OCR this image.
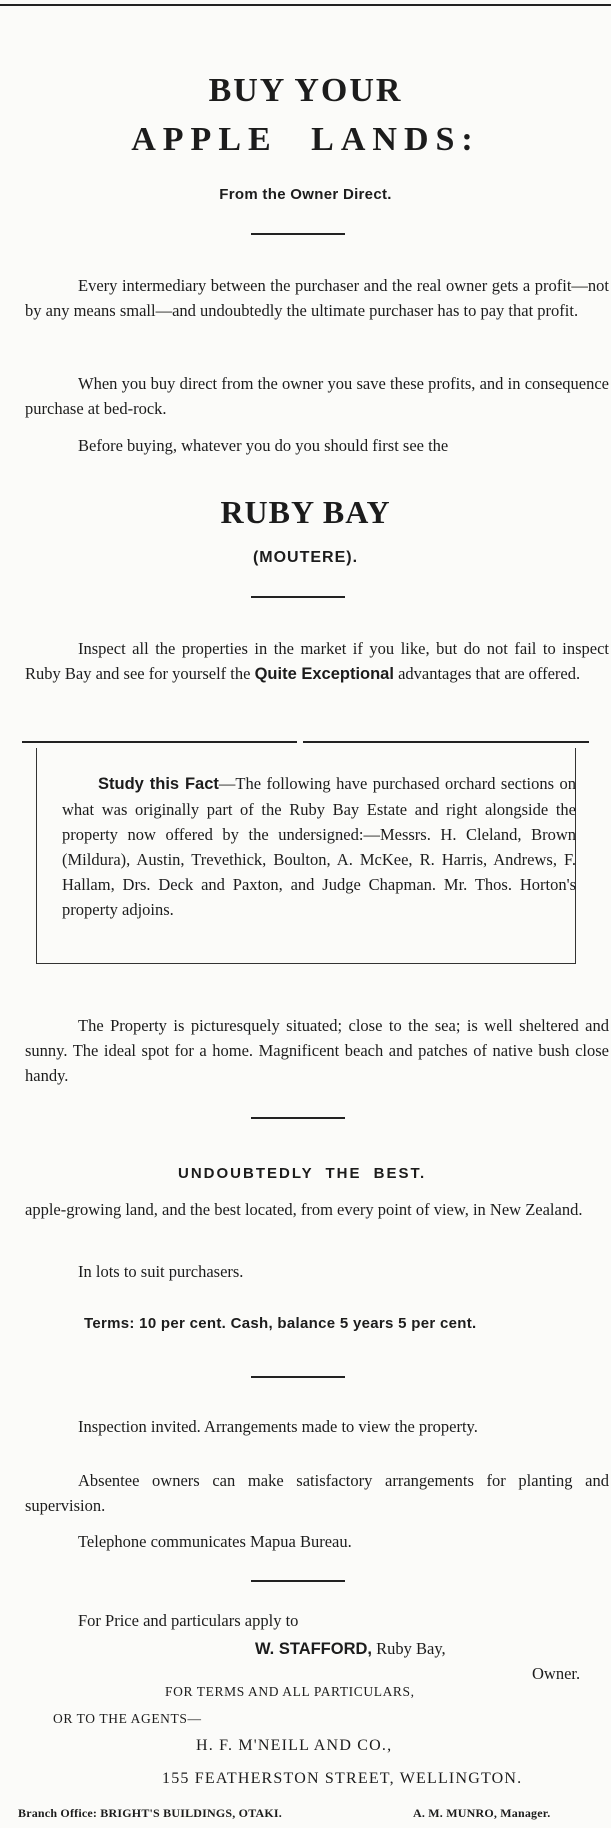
BUY YOUR
APPLE LANDS:
From the Owner Direct.
Every intermediary between the purchaser and the real owner gets a profit—not by any means small—and undoubtedly the ultimate purchaser has to pay that profit.
When you buy direct from the owner you save these profits, and in consequence purchase at bed-rock.
Before buying, whatever you do you should first see the
RUBY BAY
(MOUTERE).
Inspect all the properties in the market if you like, but do not fail to inspect Ruby Bay and see for yourself the Quite Exceptional advantages that are offered.
Study this Fact—The following have purchased orchard sections on what was originally part of the Ruby Bay Estate and right alongside the property now offered by the undersigned:—Messrs. H. Cleland, Brown (Mildura), Austin, Trevethick, Boulton, A. McKee, R. Harris, Andrews, F. Hallam, Drs. Deck and Paxton, and Judge Chapman. Mr. Thos. Horton's property adjoins.
The Property is picturesquely situated; close to the sea; is well sheltered and sunny. The ideal spot for a home. Magnificent beach and patches of native bush close handy.
UNDOUBTEDLY THE BEST.
apple-growing land, and the best located, from every point of view, in New Zealand.
In lots to suit purchasers.
Terms: 10 per cent. Cash, balance 5 years 5 per cent.
Inspection invited. Arrangements made to view the property.
Absentee owners can make satisfactory arrangements for planting and supervision.
Telephone communicates Mapua Bureau.
For Price and particulars apply to
W. STAFFORD, Ruby Bay,
Owner.
FOR TERMS AND ALL PARTICULARS,
OR TO THE AGENTS—
H. F. M'NEILL AND CO.,
155 FEATHERSTON STREET, WELLINGTON.
Branch Office: BRIGHT'S BUILDINGS, OTAKI.	A. M. MUNRO, Manager.
